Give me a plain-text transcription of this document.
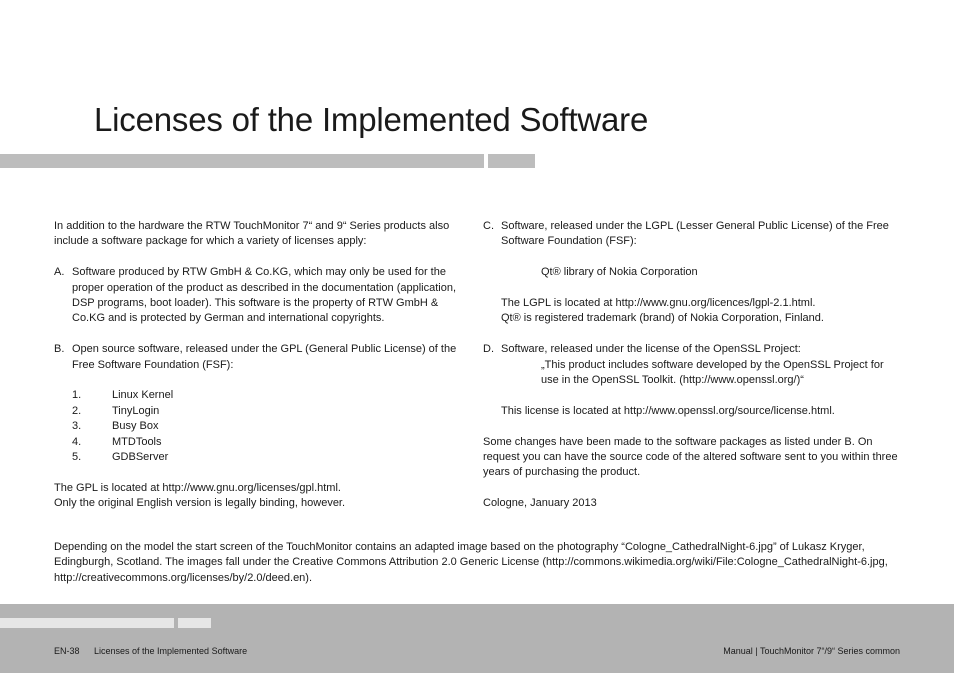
Licenses of the Implemented Software

In addition to the hardware the RTW TouchMonitor 7“ and 9“ Series products also include a software package for which a variety of licenses apply:

A. Software produced by RTW GmbH & Co.KG, which may only be used for the proper operation of the product as described in the documentation (application, DSP programs, boot loader). This software is the property of RTW GmbH & Co.KG and is protected by German and international copyrights.
B. Open source software, released under the GPL (General Public License) of the Free Software Foundation (FSF):
1.	Linux Kernel
2.	TinyLogin
3.	Busy Box
4.	MTDTools
5.	GDBServer

The GPL is located at http://www.gnu.org/licenses/gpl.html.

Only the original English version is legally binding, however.

C. Software, released under the LGPL (Lesser General Public License) of the Free Software Foundation (FSF):

Qt® library of Nokia Corporation

The LGPL is located at http://www.gnu.org/licences/lgpl-2.1.html.

Qt® is registered trademark (brand) of Nokia Corporation, Finland.

D. Software, released under the license of the OpenSSL Project:

„This product includes software developed by the OpenSSL Project for use in the OpenSSL Toolkit. (http://www.openssl.org/)“

This license is located at http://www.openssl.org/source/license.html.

Some changes have been made to the software packages as listed under B. On request you can have the source code of the altered software sent to you within three years of purchasing the product.

Cologne, January 2013

Depending on the model the start screen of the TouchMonitor contains an adapted image based on the photography “Cologne_CathedralNight-6.jpg” of Lukasz Kryger, Edingburgh, Scotland. The images fall under the Creative Commons Attribution 2.0 Generic License (http://commons.wikimedia.org/wiki/File:Cologne_CathedralNight-6.jpg, http://creativecommons.org/licenses/by/2.0/deed.en).

EN-38 Licenses of the Implemented Software	Manual | TouchMonitor 7“/9“ Series common
